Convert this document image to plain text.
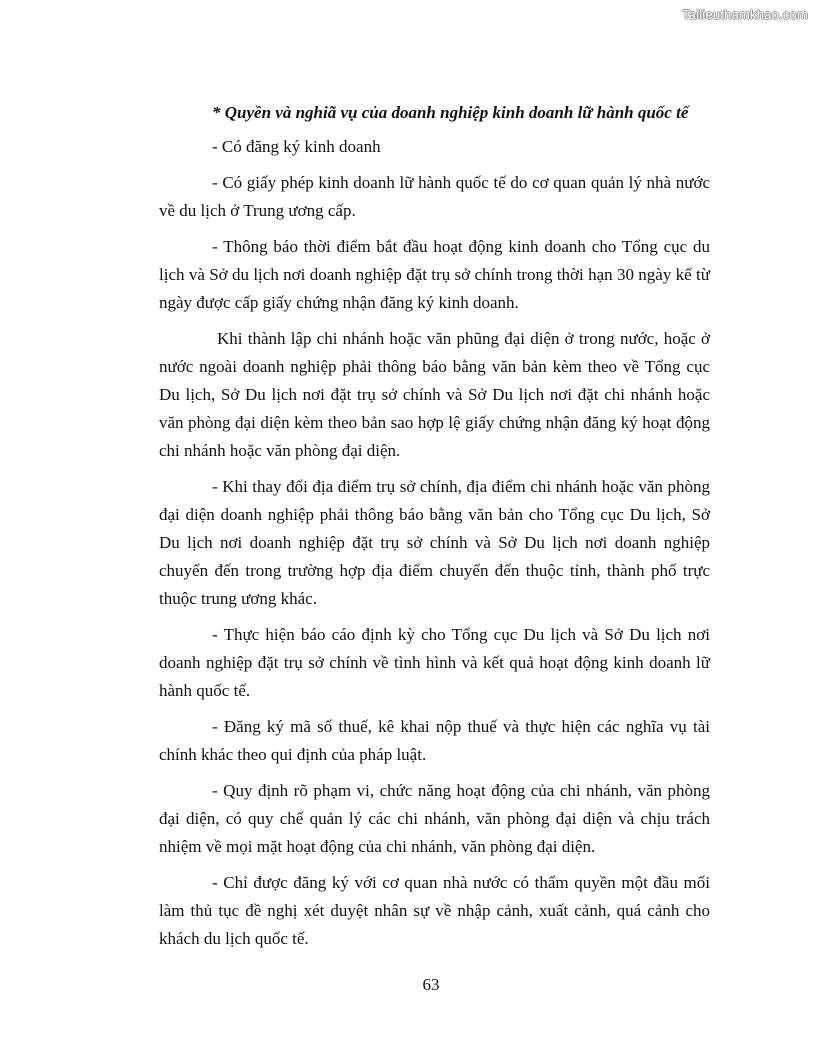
Tailieuthamkhao.com

* Quyền và nghiã vụ của doanh nghiệp kinh doanh lữ hành quốc tế

- Có đăng ký kinh doanh

- Có giấy phép kinh doanh lữ hành quốc tế do cơ quan quản lý nhà nước về du lịch ở Trung ương cấp.

- Thông báo thời điểm bắt đầu hoạt động kinh doanh cho Tổng cục du lịch và Sở du lịch nơi doanh nghiệp đặt trụ sở chính trong thời hạn 30 ngày kể từ ngày được cấp giấy chứng nhận đăng ký kinh doanh.

Khi thành lập chi nhánh hoặc văn phũng đại diện ở trong nước, hoặc ở nước ngoài doanh nghiệp phải thông báo bằng văn bản kèm theo về Tổng cục Du lịch, Sở Du lịch nơi đặt trụ sở chính và Sở Du lịch nơi đặt chi nhánh hoặc văn phòng đại diện kèm theo bản sao hợp lệ giấy chứng nhận đăng ký hoạt động chi nhánh hoặc văn phòng đại diện.

- Khi thay đổi địa điểm trụ sở chính, địa điểm chi nhánh hoặc văn phòng đại diện doanh nghiệp phải thông báo bằng văn bản cho Tổng cục Du lịch, Sở Du lịch nơi doanh nghiệp đặt trụ sở chính và Sở Du lịch nơi doanh nghiệp chuyển đến trong trường hợp địa điểm chuyển đến thuộc tỉnh, thành phố trực thuộc trung ương khác.

- Thực hiện báo cáo định kỳ cho Tổng cục Du lịch và Sở Du lịch nơi doanh nghiệp đặt trụ sở chính về tình hình và kết quả hoạt động kinh doanh lữ hành quốc tế.

- Đăng ký mã số thuế, kê khai nộp thuế và thực hiện các nghĩa vụ tài chính khác theo qui định của pháp luật.

- Quy định rõ phạm vi, chức năng hoạt động của chi nhánh, văn phòng đại diện, có quy chế quản lý các chi nhánh, văn phòng đại diện và chịu trách nhiệm về mọi mặt hoạt động của chi nhánh, văn phòng đại diện.

- Chỉ được đăng ký với cơ quan nhà nước có thẩm quyền một đầu mối làm thủ tục đề nghị xét duyệt nhân sự về nhập cảnh, xuất cảnh, quá cảnh cho khách du lịch quốc tế.

63
